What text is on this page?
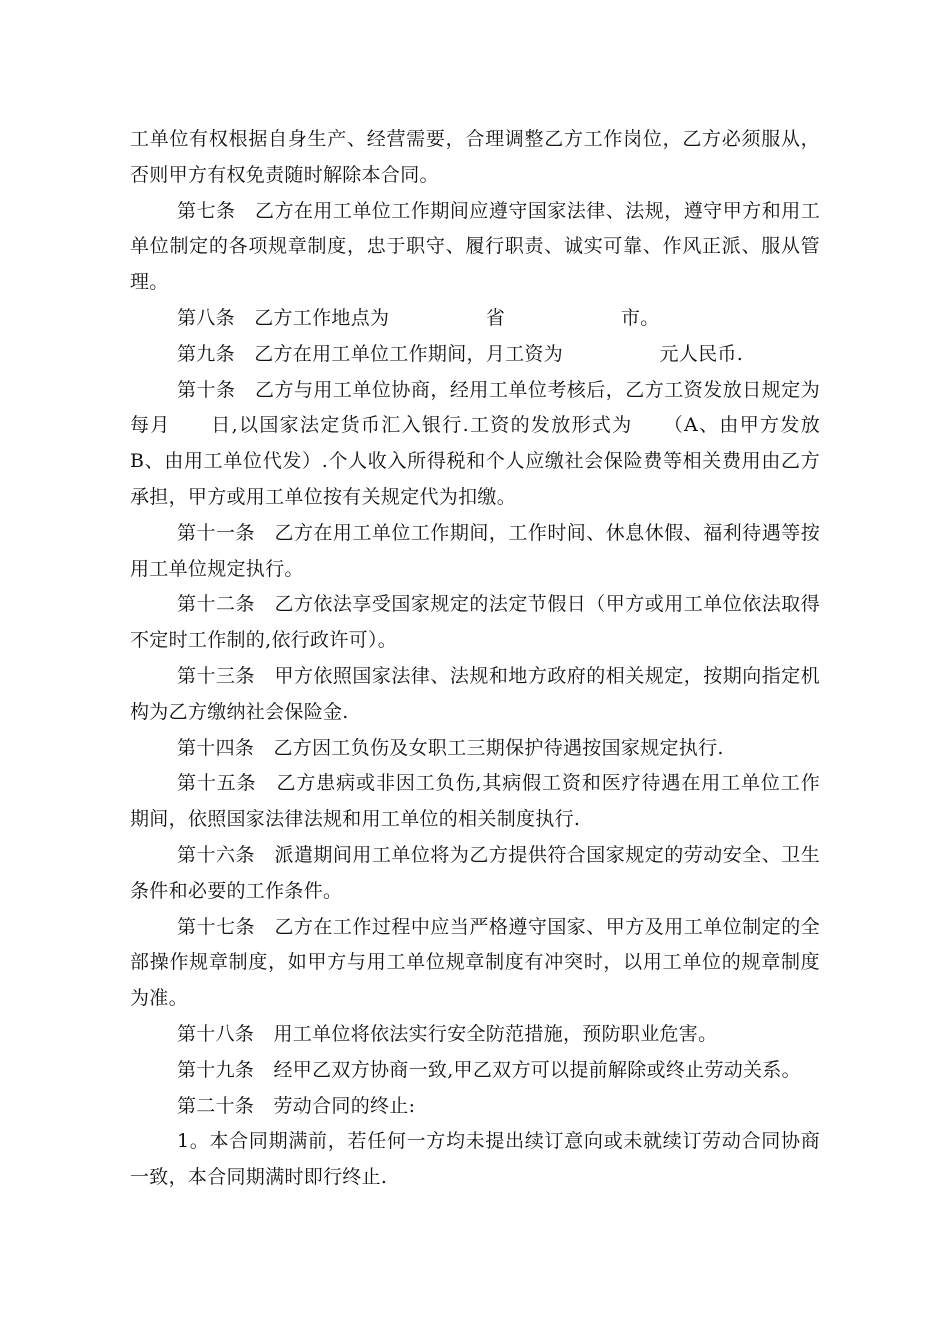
工单位有权根据自身生产、经营需要，合理调整乙方工作岗位，乙方必须服从，否则甲方有权免责随时解除本合同。

第七条　乙方在用工单位工作期间应遵守国家法律、法规，遵守甲方和用工单位制定的各项规章制度，忠于职守、履行职责、诚实可靠、作风正派、服从管理。

第八条　乙方工作地点为　　　　　省　　　　　　市。

第九条　乙方在用工单位工作期间，月工资为　　　　　元人民币.

第十条　乙方与用工单位协商，经用工单位考核后，乙方工资发放日规定为每月　　日,以国家法定货币汇入银行.工资的发放形式为　　（A、由甲方发放　B、由用工单位代发）.个人收入所得税和个人应缴社会保险费等相关费用由乙方承担，甲方或用工单位按有关规定代为扣缴。

第十一条　乙方在用工单位工作期间，工作时间、休息休假、福利待遇等按用工单位规定执行。

第十二条　乙方依法享受国家规定的法定节假日（甲方或用工单位依法取得不定时工作制的,依行政许可）。

第十三条　甲方依照国家法律、法规和地方政府的相关规定，按期向指定机构为乙方缴纳社会保险金.

第十四条　乙方因工负伤及女职工三期保护待遇按国家规定执行.

第十五条　乙方患病或非因工负伤,其病假工资和医疗待遇在用工单位工作期间，依照国家法律法规和用工单位的相关制度执行.

第十六条　派遣期间用工单位将为乙方提供符合国家规定的劳动安全、卫生条件和必要的工作条件。

第十七条　乙方在工作过程中应当严格遵守国家、甲方及用工单位制定的全部操作规章制度，如甲方与用工单位规章制度有冲突时，以用工单位的规章制度为准。

第十八条　用工单位将依法实行安全防范措施，预防职业危害。

第十九条　经甲乙双方协商一致,甲乙双方可以提前解除或终止劳动关系。

第二十条　劳动合同的终止:

1。本合同期满前，若任何一方均未提出续订意向或未就续订劳动合同协商一致，本合同期满时即行终止.
